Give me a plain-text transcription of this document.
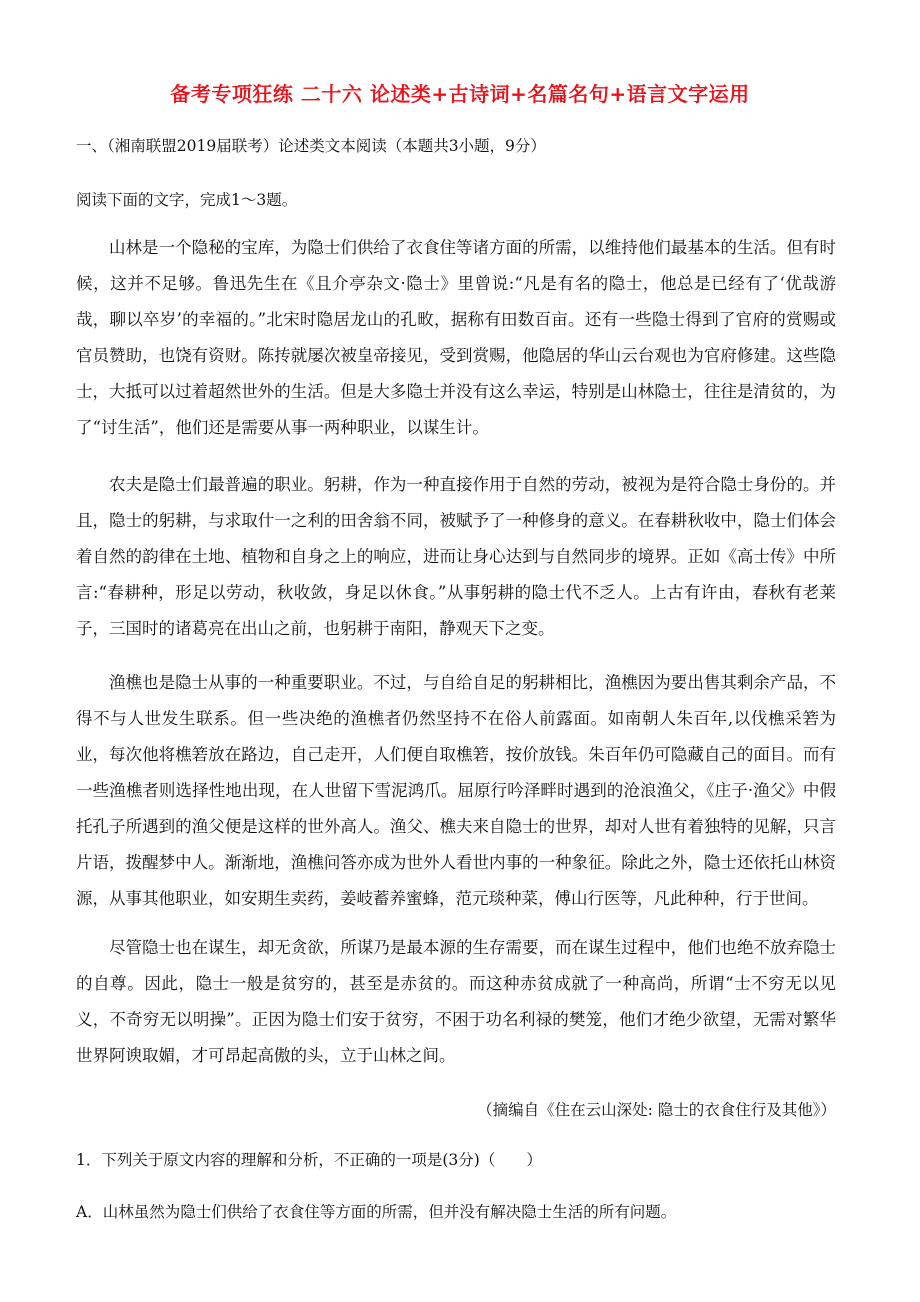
备考专项狂练 二十六 论述类+古诗词+名篇名句+语言文字运用
一、（湘南联盟2019届联考）论述类文本阅读（本题共3小题，9分）
阅读下面的文字，完成1～3题。
山林是一个隐秘的宝库，为隐士们供给了衣食住等诸方面的所需，以维持他们最基本的生活。但有时候，这并不足够。鲁迅先生在《且介亭杂文·隐士》里曾说:“凡是有名的隐士，他总是已经有了‘优哉游哉，聊以卒岁’的幸福的。”北宋时隐居龙山的孔畋，据称有田数百亩。还有一些隐士得到了官府的赏赐或官员赞助，也饶有资财。陈抟就屡次被皇帝接见，受到赏赐，他隐居的华山云台观也为官府修建。这些隐士，大抵可以过着超然世外的生活。但是大多隐士并没有这么幸运，特别是山林隐士，往往是清贫的，为了“讨生活”，他们还是需要从事一两种职业，以谋生计。
农夫是隐士们最普遍的职业。躬耕，作为一种直接作用于自然的劳动，被视为是符合隐士身份的。并且，隐士的躬耕，与求取什一之利的田舍翁不同，被赋予了一种修身的意义。在春耕秋收中，隐士们体会着自然的韵律在土地、植物和自身之上的响应，进而让身心达到与自然同步的境界。正如《高士传》中所言:“春耕种，形足以劳动，秋收敛，身足以休食。”从事躬耕的隐士代不乏人。上古有许由，春秋有老莱子，三国时的诸葛亮在出山之前，也躬耕于南阳，静观天下之变。
渔樵也是隐士从事的一种重要职业。不过，与自给自足的躬耕相比，渔樵因为要出售其剩余产品，不得不与人世发生联系。但一些决绝的渔樵者仍然坚持不在俗人前露面。如南朝人朱百年,以伐樵采箬为业，每次他将樵箬放在路边，自己走开，人们便自取樵箬，按价放钱。朱百年仍可隐藏自己的面目。而有一些渔樵者则选择性地出现，在人世留下雪泥鸿爪。屈原行吟泽畔时遇到的沧浪渔父，《庄子·渔父》中假托孔子所遇到的渔父便是这样的世外高人。渔父、樵夫来自隐士的世界，却对人世有着独特的见解，只言片语，拨醒梦中人。渐渐地，渔樵问答亦成为世外人看世内事的一种象征。除此之外，隐士还依托山林资源，从事其他职业，如安期生卖药，姜岐蓄养蜜蜂，范元琰种菜，傅山行医等，凡此种种，行于世间。
尽管隐士也在谋生，却无贪欲，所谋乃是最本源的生存需要，而在谋生过程中，他们也绝不放弃隐士的自尊。因此，隐士一般是贫穷的，甚至是赤贫的。而这种赤贫成就了一种高尚，所谓“士不穷无以见义，不奇穷无以明操”。正因为隐士们安于贫穷，不困于功名利禄的樊笼，他们才绝少欲望，无需对繁华世界阿谀取媚，才可昂起高傲的头，立于山林之间。
（摘编自《住在云山深处: 隐士的衣食住行及其他》）
1．下列关于原文内容的理解和分析，不正确的一项是(3分)（　　）
A．山林虽然为隐士们供给了衣食住等方面的所需，但并没有解决隐士生活的所有问题。
